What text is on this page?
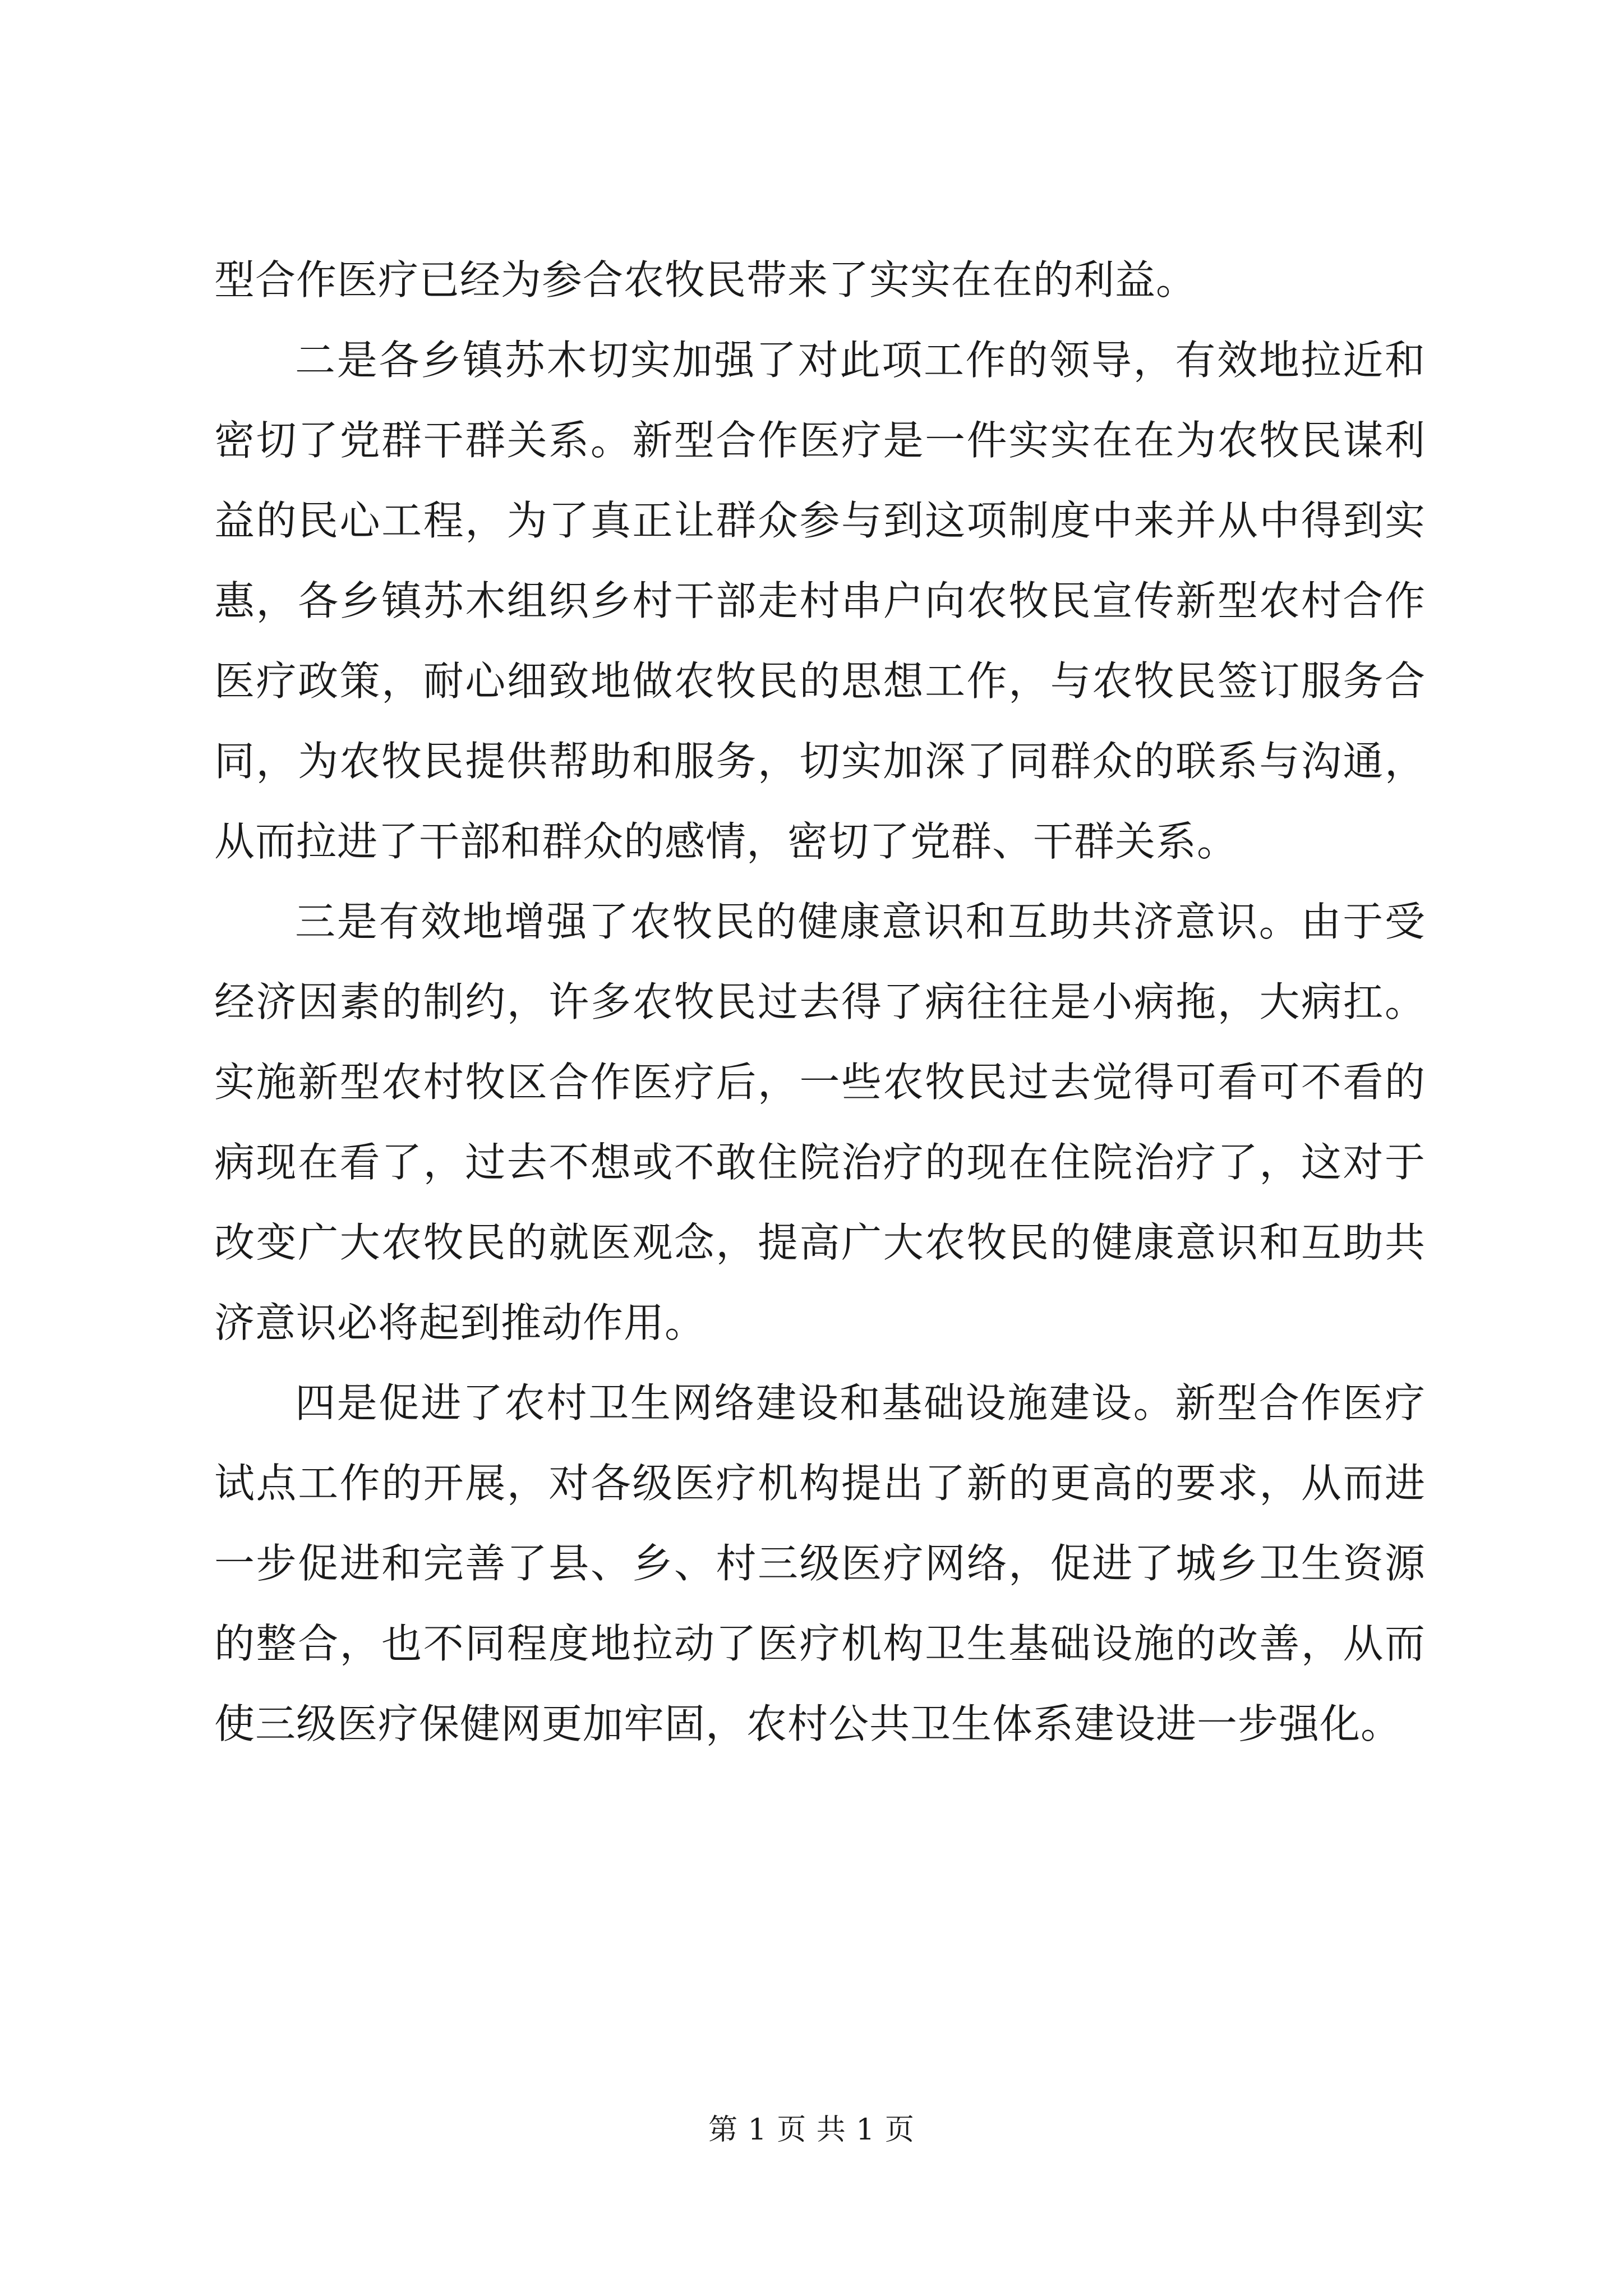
型合作医疗已经为参合农牧民带来了实实在在的利益。

二是各乡镇苏木切实加强了对此项工作的领导，有效地拉近和密切了党群干群关系。新型合作医疗是一件实实在在为农牧民谋利益的民心工程，为了真正让群众参与到这项制度中来并从中得到实惠，各乡镇苏木组织乡村干部走村串户向农牧民宣传新型农村合作医疗政策，耐心细致地做农牧民的思想工作，与农牧民签订服务合同，为农牧民提供帮助和服务，切实加深了同群众的联系与沟通，从而拉进了干部和群众的感情，密切了党群、干群关系。

三是有效地增强了农牧民的健康意识和互助共济意识。由于受经济因素的制约，许多农牧民过去得了病往往是小病拖，大病扛。实施新型农村牧区合作医疗后，一些农牧民过去觉得可看可不看的病现在看了，过去不想或不敢住院治疗的现在住院治疗了，这对于改变广大农牧民的就医观念，提高广大农牧民的健康意识和互助共济意识必将起到推动作用。

四是促进了农村卫生网络建设和基础设施建设。新型合作医疗试点工作的开展，对各级医疗机构提出了新的更高的要求，从而进一步促进和完善了县、乡、村三级医疗网络，促进了城乡卫生资源的整合，也不同程度地拉动了医疗机构卫生基础设施的改善，从而使三级医疗保健网更加牢固，农村公共卫生体系建设进一步强化。

第 1 页 共 1 页
